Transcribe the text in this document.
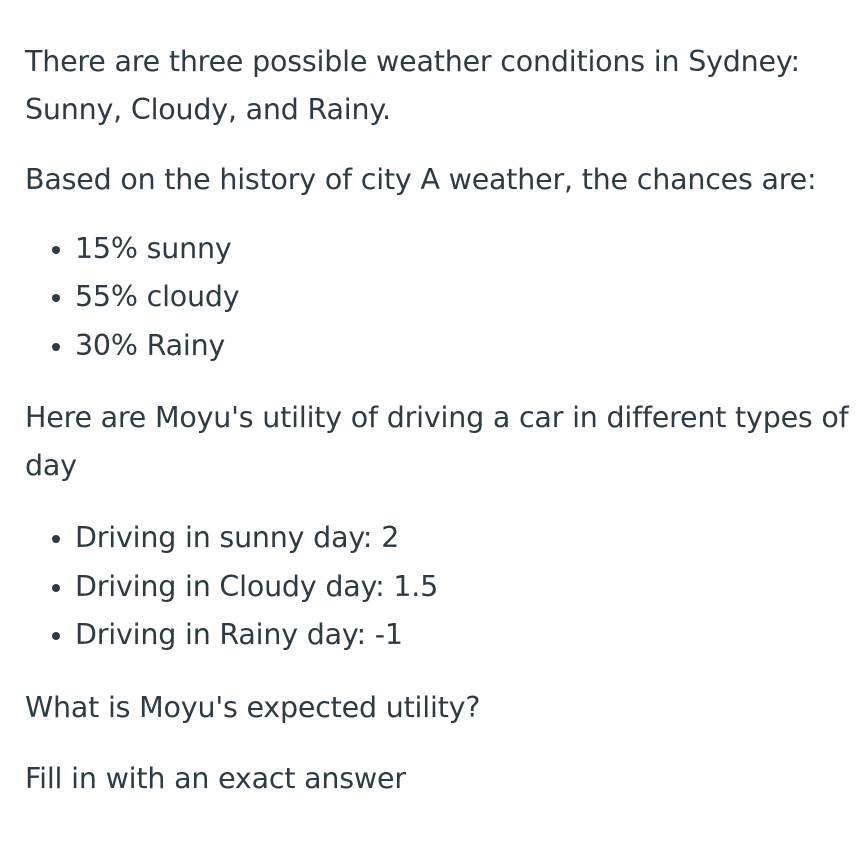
There are three possible weather conditions in Sydney:
Sunny, Cloudy, and Rainy.
Based on the history of city A weather, the chances are:
15% sunny
55% cloudy
30% Rainy
Here are Moyu's utility of driving a car in different types of
day
Driving in sunny day: 2
Driving in Cloudy day: 1.5
Driving in Rainy day: -1
What is Moyu's expected utility?
Fill in with an exact answer
